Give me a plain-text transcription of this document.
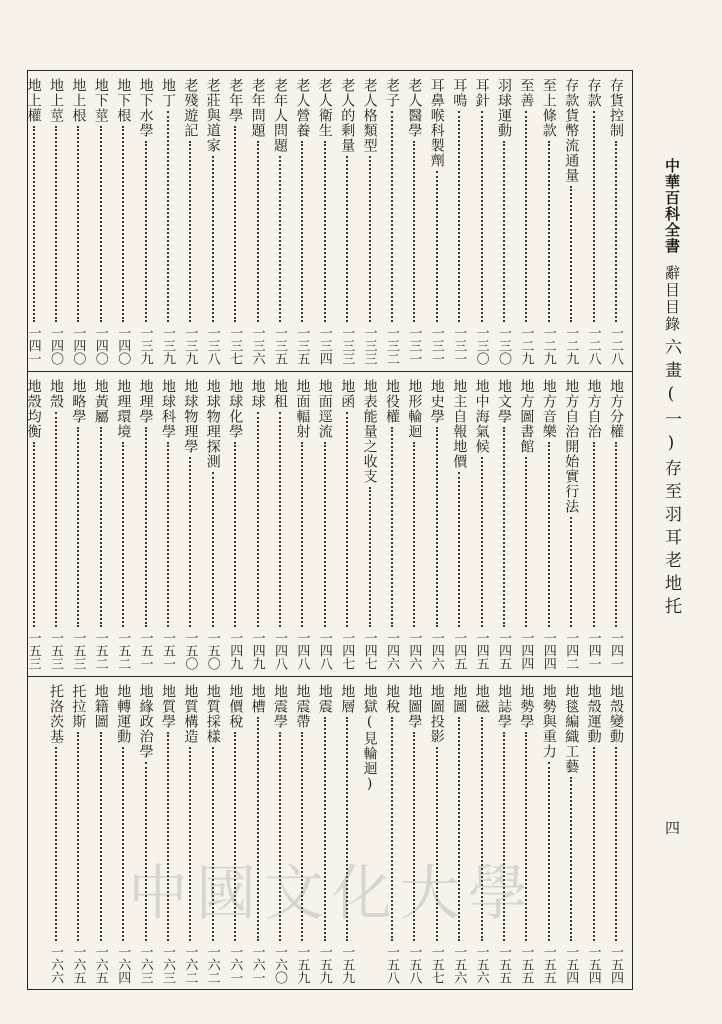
存貨控制
一二八
存款
一二八
存款貨幣流通量
一二九
至上條款
一二九
至善
一二九
羽球運動
一三〇
耳針
一三〇
耳鳴
一三一
耳鼻喉科製劑
一三一
老人醫學
一三一
老子
一三二
老人格類型
一三三
老人的剩量
一三三
老人衛生
一三四
老人營養
一三五
老年人問題
一三五
老年問題
一三六
老年學
一三七
老莊與道家
一三八
老殘遊記
一三九
地丁
一三九
地下水學
一三九
地下根
一四〇
地下莖
一四〇
地上根
一四〇
地上莖
一四〇
地上權
一四一
地方分權
一四一
地方自治
一四一
地方自治開始實行法
一四二
地方音樂
一四四
地方圖書館
一四四
地文學
一四五
地中海氣候
一四五
地主自報地價
一四五
地史學
一四六
地形輪迴
一四六
地役權
一四六
地表能量之收支
一四七
地函
一四七
地面逕流
一四八
地面輻射
一四八
地租
一四八
地球
一四九
地球化學
一四九
地球物理探測
一五〇
地球物理學
一五〇
地球科學
一五一
地理學
一五一
地理環境
一五二
地黃屬
一五二
地略學
一五三
地殼
一五三
地殼均衡
一五三
地殼變動
一五四
地殼運動
一五四
地毯編織工藝
一五四
地勢與重力
一五五
地勢學
一五五
地誌學
一五五
地磁
一五六
地圖
一五六
地圖投影
一五七
地圖學
一五八
地稅
一五八
地獄(見輪迴)
地層
一五九
地震
一五九
地震帶
一五九
地震學
一六〇
地槽
一六一
地價稅
一六一
地質採樣
一六二
地質構造
一六二
地質學
一六三
地緣政治學
一六三
地轉運動
一六四
地籍圖
一六五
托拉斯
一六五
托洛茨基
一六六
中華百科全書
辭目目錄
六畫(一)存至羽耳老地托
四
中國文化大學
